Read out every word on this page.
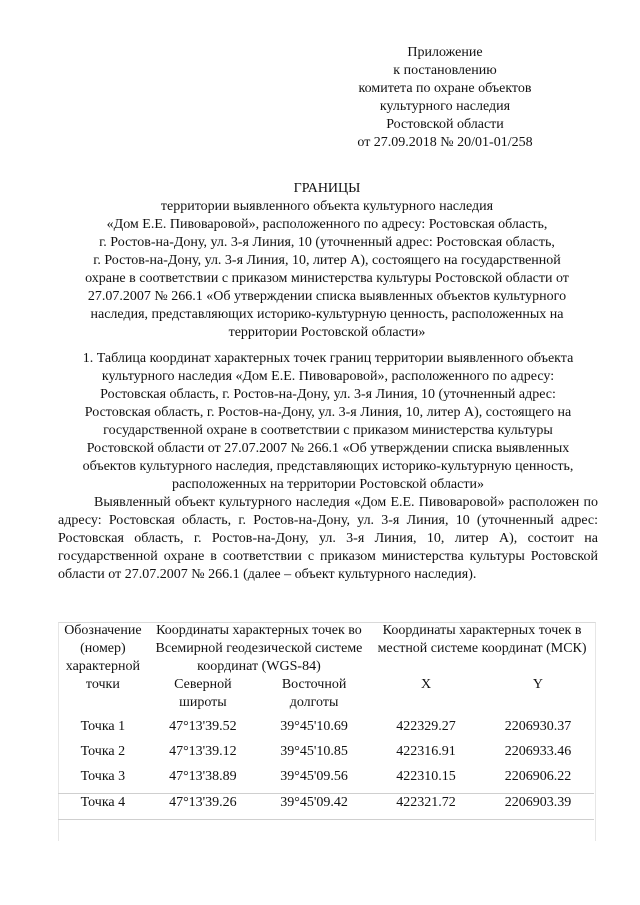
Приложение
к постановлению
комитета по охране объектов
культурного наследия
Ростовской области
от 27.09.2018 № 20/01-01/258
ГРАНИЦЫ
территории выявленного объекта культурного наследия
«Дом Е.Е. Пивоваровой», расположенного по адресу: Ростовская область,
г. Ростов-на-Дону, ул. 3-я Линия, 10 (уточненный адрес: Ростовская область,
г. Ростов-на-Дону, ул. 3-я Линия, 10, литер А), состоящего на государственной
охране в соответствии с приказом министерства культуры Ростовской области от
27.07.2007 № 266.1 «Об утверждении списка выявленных объектов культурного
наследия, представляющих историко-культурную ценность, расположенных на
территории Ростовской области»
1. Таблица координат характерных точек границ территории выявленного объекта
культурного наследия «Дом Е.Е. Пивоваровой», расположенного по адресу:
Ростовская область, г. Ростов-на-Дону, ул. 3-я Линия, 10 (уточненный адрес:
Ростовская область, г. Ростов-на-Дону, ул. 3-я Линия, 10, литер А), состоящего на
государственной охране в соответствии с приказом министерства культуры
Ростовской области от 27.07.2007 № 266.1 «Об утверждении списка выявленных
объектов культурного наследия, представляющих историко-культурную ценность,
расположенных на территории Ростовской области»
Выявленный объект культурного наследия «Дом Е.Е. Пивоваровой» расположен по адресу: Ростовская область, г. Ростов-на-Дону, ул. 3-я Линия, 10 (уточненный адрес: Ростовская область, г. Ростов-на-Дону, ул. 3-я Линия, 10, литер А), состоит на государственной охране в соответствии с приказом министерства культуры Ростовской области от 27.07.2007 № 266.1 (далее – объект культурного наследия).
Обозначение (номер) характерной точки	Координаты характерных точек во Всемирной геодезической системе координат (WGS-84)		Координаты характерных точек в местной системе координат (МСК)	
	Северной широты	Восточной долготы	X	Y
Точка 1	47°13'39.52	39°45'10.69	422329.27	2206930.37
Точка 2	47°13'39.12	39°45'10.85	422316.91	2206933.46
Точка 3	47°13'38.89	39°45'09.56	422310.15	2206906.22
Точка 4	47°13'39.26	39°45'09.42	422321.72	2206903.39
